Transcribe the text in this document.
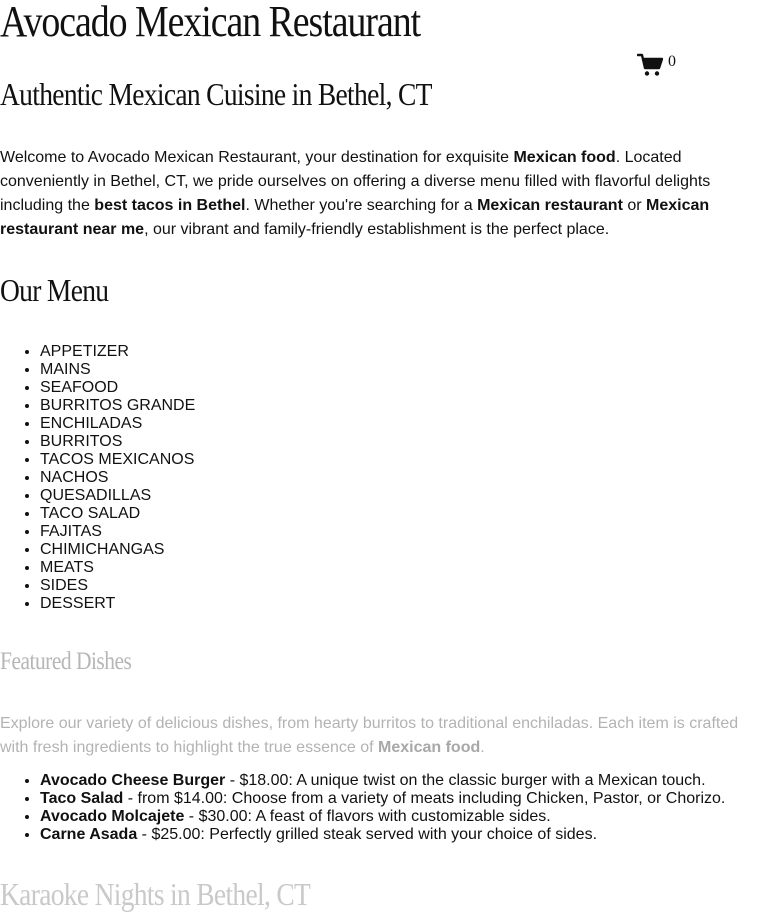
Avocado Mexican Restaurant
0
Authentic Mexican Cuisine in Bethel, CT

Welcome to Avocado Mexican Restaurant, your destination for exquisite Mexican food. Located conveniently in Bethel, CT, we pride ourselves on offering a diverse menu filled with flavorful delights including the best tacos in Bethel. Whether you're searching for a Mexican restaurant or Mexican restaurant near me, our vibrant and family-friendly establishment is the perfect place.

Our Menu
• APPETIZER
• MAINS
• SEAFOOD
• BURRITOS GRANDE
• ENCHILADAS
• BURRITOS
• TACOS MEXICANOS
• NACHOS
• QUESADILLAS
• TACO SALAD
• FAJITAS
• CHIMICHANGAS
• MEATS
• SIDES
• DESSERT
Featured Dishes

Explore our variety of delicious dishes, from hearty burritos to traditional enchiladas. Each item is crafted with fresh ingredients to highlight the true essence of Mexican food.

• Avocado Cheese Burger - $18.00: A unique twist on the classic burger with a Mexican touch.
• Taco Salad - from $14.00: Choose from a variety of meats including Chicken, Pastor, or Chorizo.
• Avocado Molcajete - $30.00: A feast of flavors with customizable sides.
• Carne Asada - $25.00: Perfectly grilled steak served with your choice of sides.
Karaoke Nights in Bethel, CT
